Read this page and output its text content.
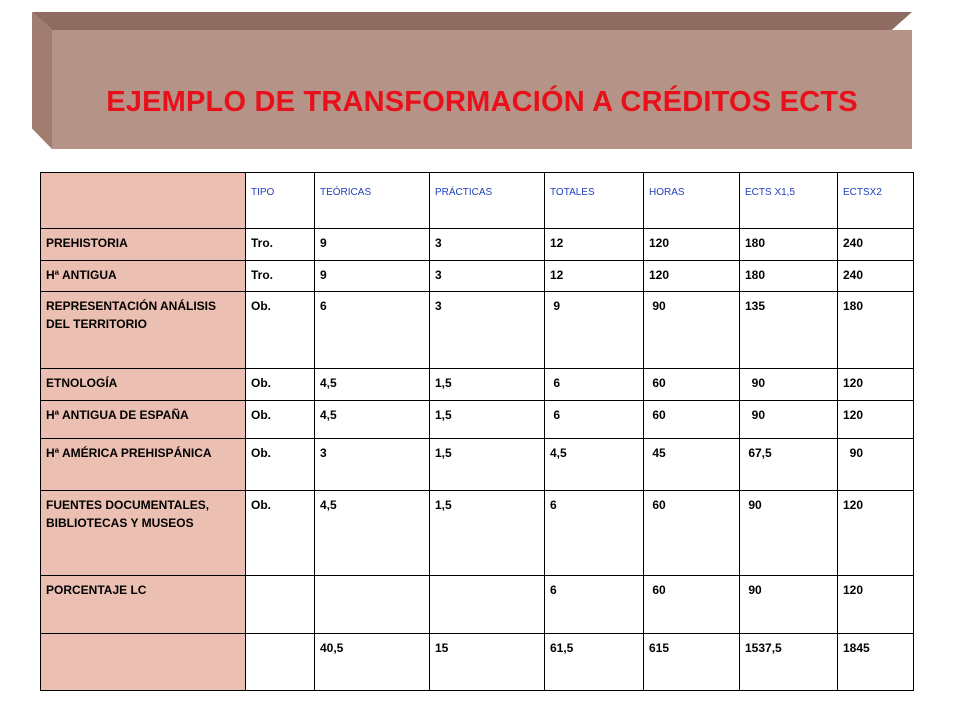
EJEMPLO DE TRANSFORMACIÓN A CRÉDITOS ECTS
	TIPO	TEÓRICAS	PRÁCTICAS	TOTALES	HORAS	ECTS X1,5	ECTSX2
PREHISTORIA	Tro.	9	3	12	120	180	240
Hª ANTIGUA	Tro.	9	3	12	120	180	240
REPRESENTACIÓN ANÁLISIS DEL TERRITORIO	Ob.	6	3	9	90	135	180
ETNOLOGÍA	Ob.	4,5	1,5	6	60	90	120
Hª ANTIGUA DE ESPAÑA	Ob.	4,5	1,5	6	60	90	120
Hª AMÉRICA PREHISPÁNICA	Ob.	3	1,5	4,5	45	67,5	90
FUENTES DOCUMENTALES, BIBLIOTECAS Y MUSEOS	Ob.	4,5	1,5	6	60	90	120
PORCENTAJE LC				6	60	90	120
		40,5	15	61,5	615	1537,5	1845
